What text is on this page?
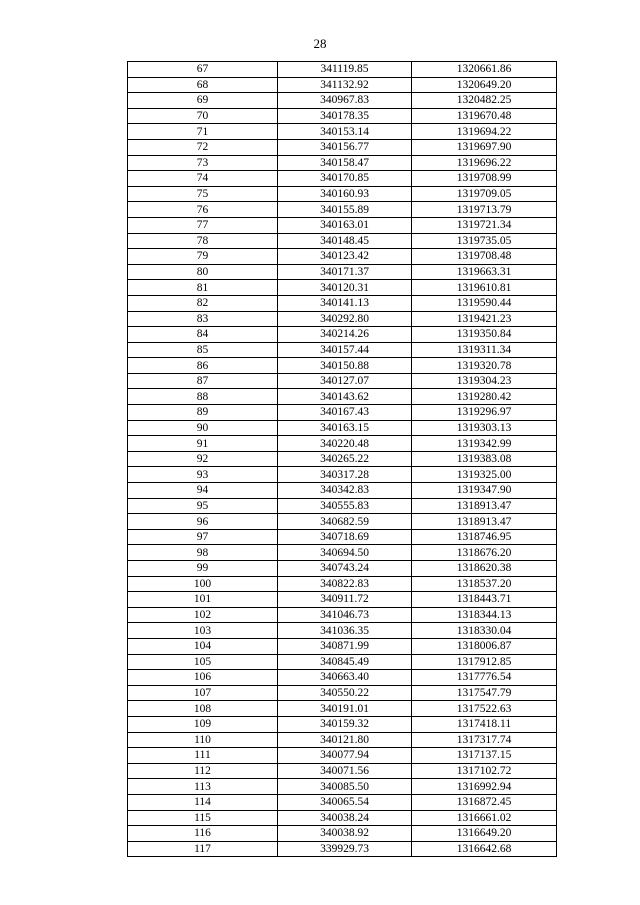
28
67	341119.85	1320661.86
68	341132.92	1320649.20
69	340967.83	1320482.25
70	340178.35	1319670.48
71	340153.14	1319694.22
72	340156.77	1319697.90
73	340158.47	1319696.22
74	340170.85	1319708.99
75	340160.93	1319709.05
76	340155.89	1319713.79
77	340163.01	1319721.34
78	340148.45	1319735.05
79	340123.42	1319708.48
80	340171.37	1319663.31
81	340120.31	1319610.81
82	340141.13	1319590.44
83	340292.80	1319421.23
84	340214.26	1319350.84
85	340157.44	1319311.34
86	340150.88	1319320.78
87	340127.07	1319304.23
88	340143.62	1319280.42
89	340167.43	1319296.97
90	340163.15	1319303.13
91	340220.48	1319342.99
92	340265.22	1319383.08
93	340317.28	1319325.00
94	340342.83	1319347.90
95	340555.83	1318913.47
96	340682.59	1318913.47
97	340718.69	1318746.95
98	340694.50	1318676.20
99	340743.24	1318620.38
100	340822.83	1318537.20
101	340911.72	1318443.71
102	341046.73	1318344.13
103	341036.35	1318330.04
104	340871.99	1318006.87
105	340845.49	1317912.85
106	340663.40	1317776.54
107	340550.22	1317547.79
108	340191.01	1317522.63
109	340159.32	1317418.11
110	340121.80	1317317.74
111	340077.94	1317137.15
112	340071.56	1317102.72
113	340085.50	1316992.94
114	340065.54	1316872.45
115	340038.24	1316661.02
116	340038.92	1316649.20
117	339929.73	1316642.68
